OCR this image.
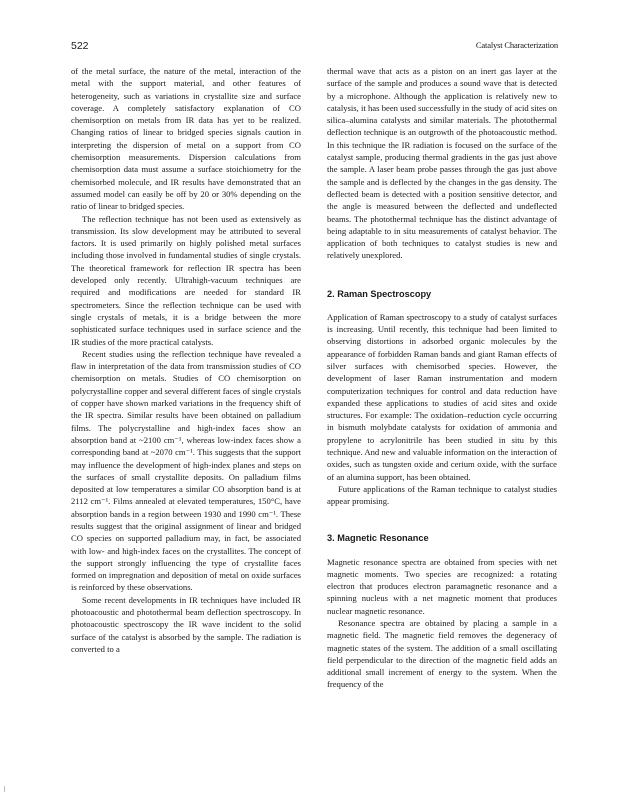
522	Catalyst Characterization

of the metal surface, the nature of the metal, interaction of the metal with the support material, and other features of heterogeneity, such as variations in crystallite size and surface coverage. A completely satisfactory explanation of CO chemisorption on metals from IR data has yet to be realized. Changing ratios of linear to bridged species signals caution in interpreting the dispersion of metal on a support from CO chemisorption measurements. Dispersion calculations from chemisorption data must assume a surface stoichiometry for the chemisorbed molecule, and IR results have demonstrated that an assumed model can easily be off by 20 or 30% depending on the ratio of linear to bridged species.

The reflection technique has not been used as extensively as transmission. Its slow development may be attributed to several factors. It is used primarily on highly polished metal surfaces including those involved in fundamental studies of single crystals. The theoretical framework for reflection IR spectra has been developed only recently. Ultrahigh-vacuum techniques are required and modifications are needed for standard IR spectrometers. Since the reflection technique can be used with single crystals of metals, it is a bridge between the more sophisticated surface techniques used in surface science and the IR studies of the more practical catalysts.

Recent studies using the reflection technique have revealed a flaw in interpretation of the data from transmission studies of CO chemisorption on metals. Studies of CO chemisorption on polycrystalline copper and several different faces of single crystals of copper have shown marked variations in the frequency shift of the IR spectra. Similar results have been obtained on palladium films. The polycrystalline and high-index faces show an absorption band at ~2100 cm⁻¹, whereas low-index faces show a corresponding band at ~2070 cm⁻¹. This suggests that the support may influence the development of high-index planes and steps on the surfaces of small crystallite deposits. On palladium films deposited at low temperatures a similar CO absorption band is at 2112 cm⁻¹. Films annealed at elevated temperatures, 150°C, have absorption bands in a region between 1930 and 1990 cm⁻¹. These results suggest that the original assignment of linear and bridged CO species on supported palladium may, in fact, be associated with low- and high-index faces on the crystallites. The concept of the support strongly influencing the type of crystallite faces formed on impregnation and deposition of metal on oxide surfaces is reinforced by these observations.

Some recent developments in IR techniques have included IR photoacoustic and photothermal beam deflection spectroscopy. In photoacoustic spectroscopy the IR wave incident to the solid surface of the catalyst is absorbed by the sample. The radiation is converted to a

thermal wave that acts as a piston on an inert gas layer at the surface of the sample and produces a sound wave that is detected by a microphone. Although the application is relatively new to catalysis, it has been used successfully in the study of acid sites on silica–alumina catalysts and similar materials. The photothermal deflection technique is an outgrowth of the photoacoustic method. In this technique the IR radiation is focused on the surface of the catalyst sample, producing thermal gradients in the gas just above the sample. A laser beam probe passes through the gas just above the sample and is deflected by the changes in the gas density. The deflected beam is detected with a position sensitive detector, and the angle is measured between the deflected and undeflected beams. The photothermal technique has the distinct advantage of being adaptable to in situ measurements of catalyst behavior. The application of both techniques to catalyst studies is new and relatively unexplored.

2. Raman Spectroscopy

Application of Raman spectroscopy to a study of catalyst surfaces is increasing. Until recently, this technique had been limited to observing distortions in adsorbed organic molecules by the appearance of forbidden Raman bands and giant Raman effects of silver surfaces with chemisorbed species. However, the development of laser Raman instrumentation and modern computerization techniques for control and data reduction have expanded these applications to studies of acid sites and oxide structures. For example: The oxidation–reduction cycle occurring in bismuth molybdate catalysts for oxidation of ammonia and propylene to acrylonitrile has been studied in situ by this technique. And new and valuable information on the interaction of oxides, such as tungsten oxide and cerium oxide, with the surface of an alumina support, has been obtained.

Future applications of the Raman technique to catalyst studies appear promising.

3. Magnetic Resonance

Magnetic resonance spectra are obtained from species with net magnetic moments. Two species are recognized: a rotating electron that produces electron paramagnetic resonance and a spinning nucleus with a net magnetic moment that produces nuclear magnetic resonance.

Resonance spectra are obtained by placing a sample in a magnetic field. The magnetic field removes the degeneracy of magnetic states of the system. The addition of a small oscillating field perpendicular to the direction of the magnetic field adds an additional small increment of energy to the system. When the frequency of the
